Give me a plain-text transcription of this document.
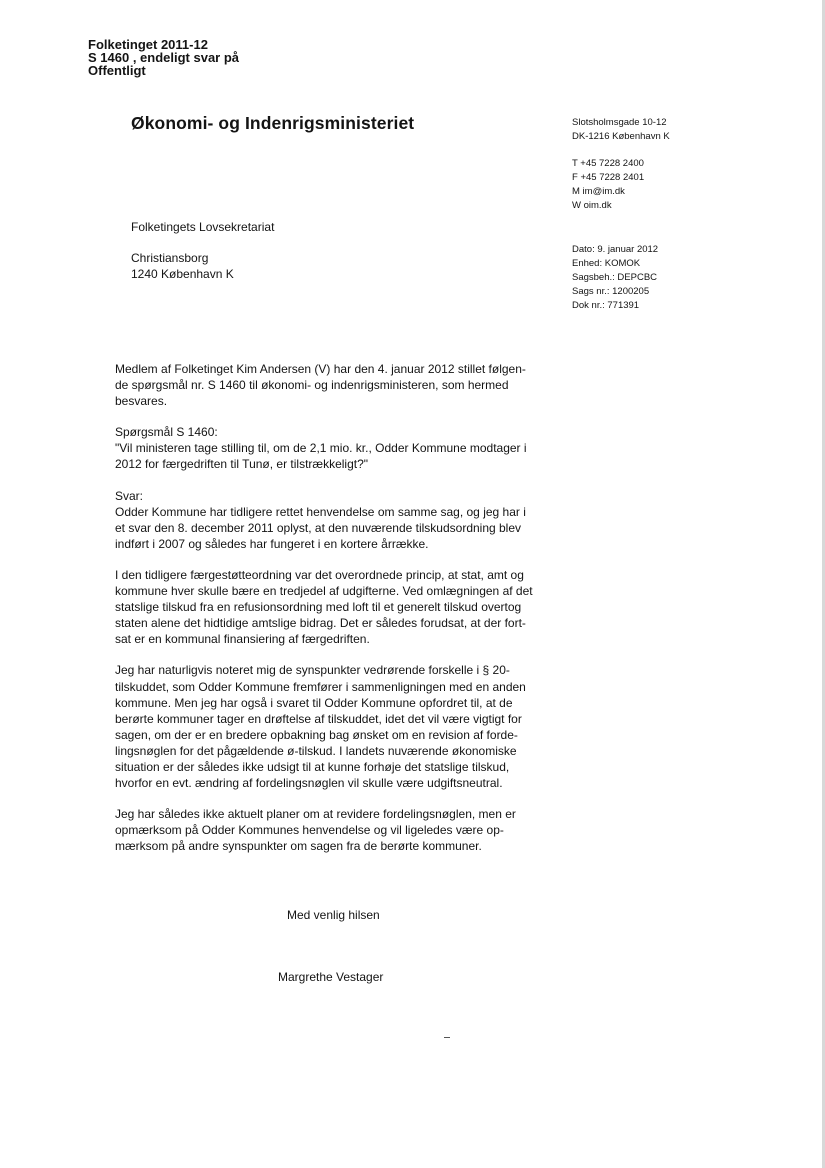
Folketinget 2011-12
S 1460 , endeligt svar på
Offentligt
Økonomi- og Indenrigsministeriet	Slotsholmsgade 10-12
DK-1216 København K
T +45 7228 2400
F +45 7228 2401
M im@im.dk
W oim.dk
Dato: 9. januar 2012
Enhed: KOMOK
Sagsbeh.: DEPCBC
Sags nr.: 1200205
Dok nr.: 771391
Folketingets Lovsekretariat
Christiansborg
1240 København K

Medlem af Folketinget Kim Andersen (V) har den 4. januar 2012 stillet følgen-
de spørgsmål nr. S 1460 til økonomi- og indenrigsministeren, som hermed
besvares.

Spørgsmål S 1460:
"Vil ministeren tage stilling til, om de 2,1 mio. kr., Odder Kommune modtager i
2012 for færgedriften til Tunø, er tilstrækkeligt?"

Svar:
Odder Kommune har tidligere rettet henvendelse om samme sag, og jeg har i
et svar den 8. december 2011 oplyst, at den nuværende tilskudsordning blev
indført i 2007 og således har fungeret i en kortere årrække.

I den tidligere færgestøtteordning var det overordnede princip, at stat, amt og
kommune hver skulle bære en tredjedel af udgifterne. Ved omlægningen af det
statslige tilskud fra en refusionsordning med loft til et generelt tilskud overtog
staten alene det hidtidige amtslige bidrag. Det er således forudsat, at der fort-
sat er en kommunal finansiering af færgedriften.

Jeg har naturligvis noteret mig de synspunkter vedrørende forskelle i § 20-
tilskuddet, som Odder Kommune fremfører i sammenligningen med en anden
kommune. Men jeg har også i svaret til Odder Kommune opfordret til, at de
berørte kommuner tager en drøftelse af tilskuddet, idet det vil være vigtigt for
sagen, om der er en bredere opbakning bag ønsket om en revision af forde-
lingsnøglen for det pågældende ø-tilskud. I landets nuværende økonomiske
situation er der således ikke udsigt til at kunne forhøje det statslige tilskud,
hvorfor en evt. ændring af fordelingsnøglen vil skulle være udgiftsneutral.

Jeg har således ikke aktuelt planer om at revidere fordelingsnøglen, men er
opmærksom på Odder Kommunes henvendelse og vil ligeledes være op-
mærksom på andre synspunkter om sagen fra de berørte kommuner.

Med venlig hilsen
Margrethe Vestager
